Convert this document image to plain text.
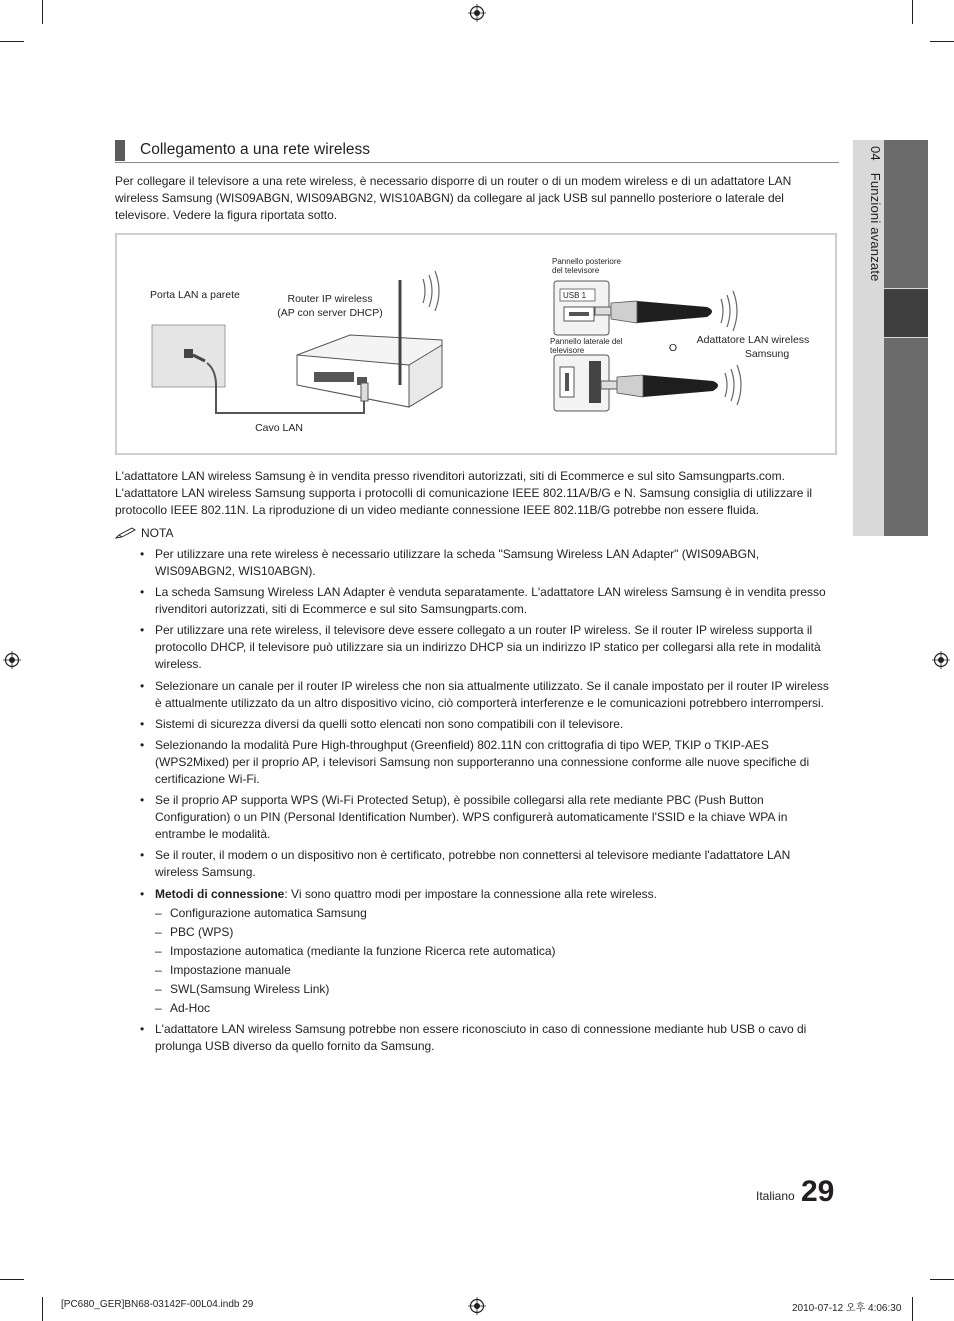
04 Funzioni avanzate
Collegamento a una rete wireless
Per collegare il televisore a una rete wireless, è necessario disporre di un router o di un modem wireless e di un adattatore LAN wireless Samsung (WIS09ABGN, WIS09ABGN2, WIS10ABGN) da collegare al jack USB sul pannello posteriore o laterale del televisore. Vedere la figura riportata sotto.
Porta LAN a parete	Router IP wireless
(AP con server DHCP)
Cavo LAN
Pannello posteriore
del televisore
USB 1
Pannello laterale del
televisore	O
Adattatore LAN wireless
Samsung
L'adattatore LAN wireless Samsung è in vendita presso rivenditori autorizzati, siti di Ecommerce e sul sito Samsungparts.com. L'adattatore LAN wireless Samsung supporta i protocolli di comunicazione IEEE 802.11A/B/G e N. Samsung consiglia di utilizzare il protocollo IEEE 802.11N. La riproduzione di un video mediante connessione IEEE 802.11B/G potrebbe non essere fluida.
NOTA
• Per utilizzare una rete wireless è necessario utilizzare la scheda "Samsung Wireless LAN Adapter" (WIS09ABGN, WIS09ABGN2, WIS10ABGN).
• La scheda Samsung Wireless LAN Adapter è venduta separatamente. L'adattatore LAN wireless Samsung è in vendita presso rivenditori autorizzati, siti di Ecommerce e sul sito Samsungparts.com.
• Per utilizzare una rete wireless, il televisore deve essere collegato a un router IP wireless. Se il router IP wireless supporta il protocollo DHCP, il televisore può utilizzare sia un indirizzo DHCP sia un indirizzo IP statico per collegarsi alla rete in modalità wireless.
• Selezionare un canale per il router IP wireless che non sia attualmente utilizzato. Se il canale impostato per il router IP wireless è attualmente utilizzato da un altro dispositivo vicino, ciò comporterà interferenze e le comunicazioni potrebbero interrompersi.
• Sistemi di sicurezza diversi da quelli sotto elencati non sono compatibili con il televisore.
• Selezionando la modalità Pure High-throughput (Greenfield) 802.11N con crittografia di tipo WEP, TKIP o TKIP-AES (WPS2Mixed) per il proprio AP, i televisori Samsung non supporteranno una connessione conforme alle nuove specifiche di certificazione Wi-Fi.
• Se il proprio AP supporta WPS (Wi-Fi Protected Setup), è possibile collegarsi alla rete mediante PBC (Push Button Configuration) o un PIN (Personal Identification Number). WPS configurerà automaticamente l'SSID e la chiave WPA in entrambe le modalità.
• Se il router, il modem o un dispositivo non è certificato, potrebbe non connettersi al televisore mediante l'adattatore LAN wireless Samsung.
• Metodi di connessione: Vi sono quattro modi per impostare la connessione alla rete wireless.
– Configurazione automatica Samsung
– PBC (WPS)
– Impostazione automatica (mediante la funzione Ricerca rete automatica)
– Impostazione manuale
– SWL(Samsung Wireless Link)
– Ad-Hoc
• L'adattatore LAN wireless Samsung potrebbe non essere riconosciuto in caso di connessione mediante hub USB o cavo di prolunga USB diverso da quello fornito da Samsung.
Italiano 29
[PC680_GER]BN68-03142F-00L04.indb 29	2010-07-12 오후 4:06:30
